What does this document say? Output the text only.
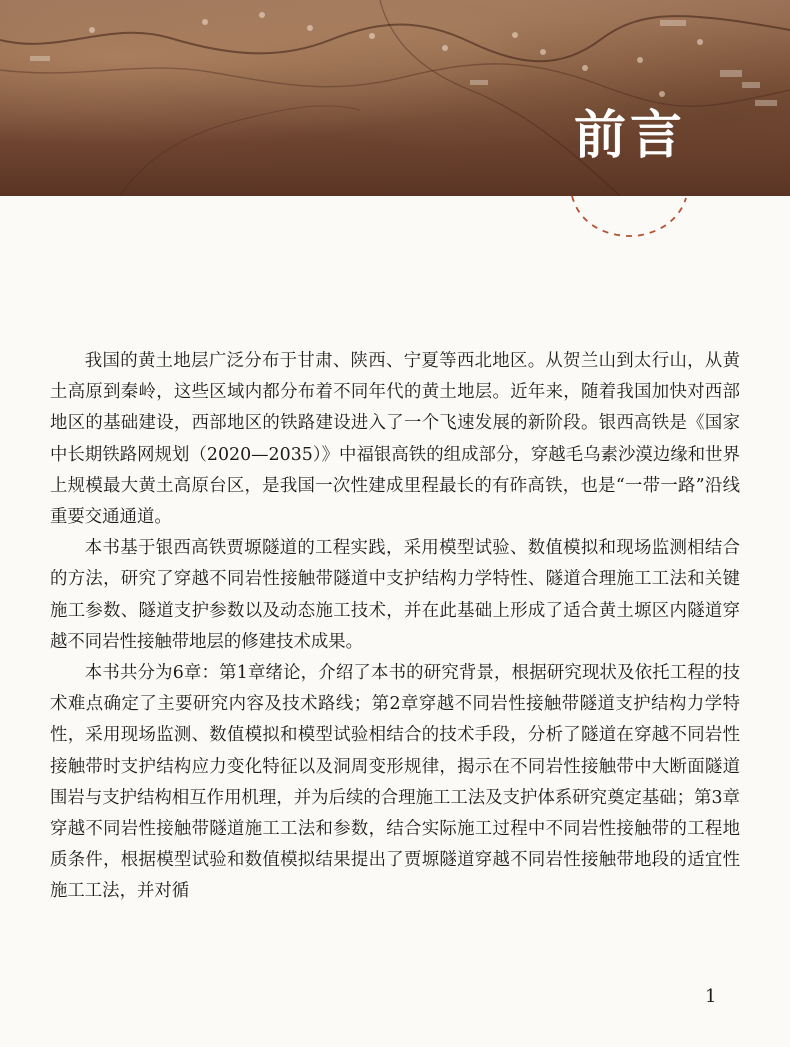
前言

我国的黄土地层广泛分布于甘肃、陕西、宁夏等西北地区。从贺兰山到太行山，从黄土高原到秦岭，这些区域内都分布着不同年代的黄土地层。近年来，随着我国加快对西部地区的基础建设，西部地区的铁路建设进入了一个飞速发展的新阶段。银西高铁是《国家中长期铁路网规划（2020—2035）》中福银高铁的组成部分，穿越毛乌素沙漠边缘和世界上规模最大黄土高原台区，是我国一次性建成里程最长的有砟高铁，也是“一带一路”沿线重要交通通道。

本书基于银西高铁贾塬隧道的工程实践，采用模型试验、数值模拟和现场监测相结合的方法，研究了穿越不同岩性接触带隧道中支护结构力学特性、隧道合理施工工法和关键施工参数、隧道支护参数以及动态施工技术，并在此基础上形成了适合黄土塬区内隧道穿越不同岩性接触带地层的修建技术成果。

本书共分为6章：第1章绪论，介绍了本书的研究背景，根据研究现状及依托工程的技术难点确定了主要研究内容及技术路线；第2章穿越不同岩性接触带隧道支护结构力学特性，采用现场监测、数值模拟和模型试验相结合的技术手段，分析了隧道在穿越不同岩性接触带时支护结构应力变化特征以及洞周变形规律，揭示在不同岩性接触带中大断面隧道围岩与支护结构相互作用机理，并为后续的合理施工工法及支护体系研究奠定基础；第3章穿越不同岩性接触带隧道施工工法和参数，结合实际施工过程中不同岩性接触带的工程地质条件，根据模型试验和数值模拟结果提出了贾塬隧道穿越不同岩性接触带地段的适宜性施工工法，并对循

1
